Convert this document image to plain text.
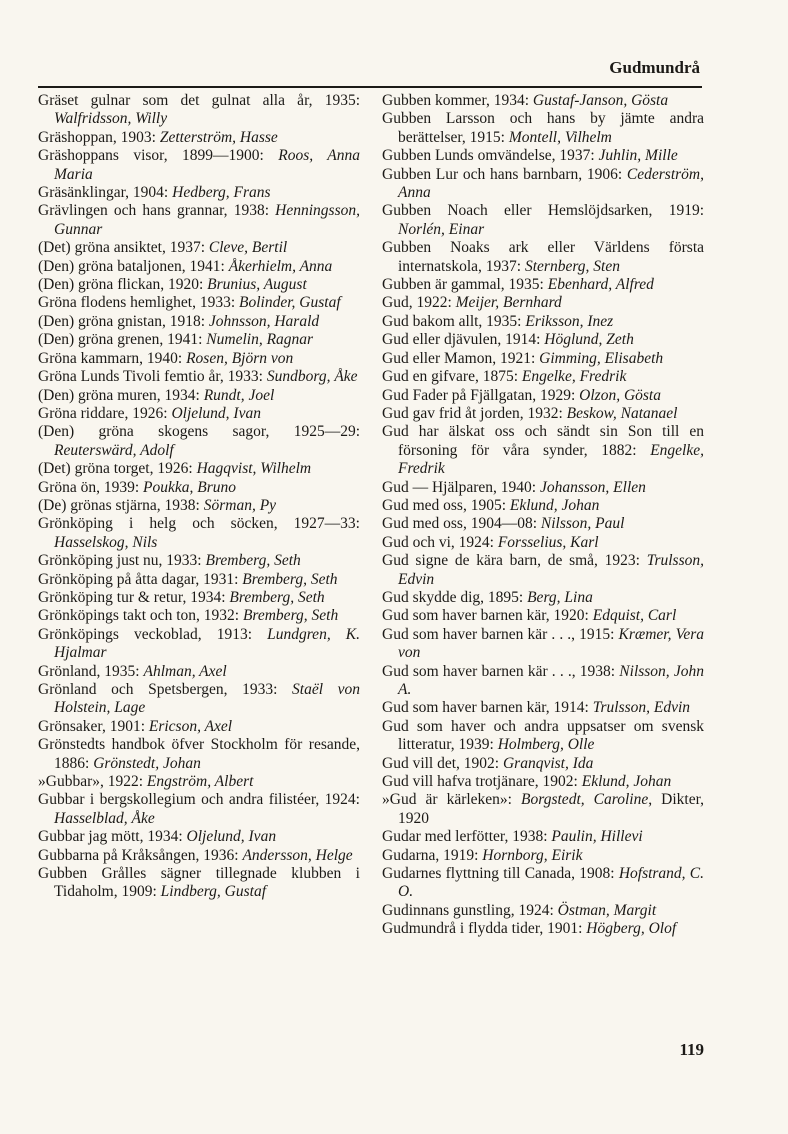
Gudmundrå
Gräset gulnar som det gulnat alla år, 1935: Walfridsson, Willy
Gräshoppan, 1903: Zetterström, Hasse
Gräshoppans visor, 1899—1900: Roos, Anna Maria
Gräsänklingar, 1904: Hedberg, Frans
Grävlingen och hans grannar, 1938: Henningsson, Gunnar
(Det) gröna ansiktet, 1937: Cleve, Bertil
(Den) gröna bataljonen, 1941: Åkerhielm, Anna
(Den) gröna flickan, 1920: Brunius, August
Gröna flodens hemlighet, 1933: Bolinder, Gustaf
(Den) gröna gnistan, 1918: Johnsson, Harald
(Den) gröna grenen, 1941: Numelin, Ragnar
Gröna kammarn, 1940: Rosen, Björn von
Gröna Lunds Tivoli femtio år, 1933: Sundborg, Åke
(Den) gröna muren, 1934: Rundt, Joel
Gröna riddare, 1926: Oljelund, Ivan
(Den) gröna skogens sagor, 1925—29: Reuterswärd, Adolf
(Det) gröna torget, 1926: Hagqvist, Wilhelm
Gröna ön, 1939: Poukka, Bruno
(De) grönas stjärna, 1938: Sörman, Py
Grönköping i helg och söcken, 1927—33: Hasselskog, Nils
Grönköping just nu, 1933: Bremberg, Seth
Grönköping på åtta dagar, 1931: Bremberg, Seth
Grönköping tur & retur, 1934: Bremberg, Seth
Grönköpings takt och ton, 1932: Bremberg, Seth
Grönköpings veckoblad, 1913: Lundgren, K. Hjalmar
Grönland, 1935: Ahlman, Axel
Grönland och Spetsbergen, 1933: Staël von Holstein, Lage
Grönsaker, 1901: Ericson, Axel
Grönstedts handbok öfver Stockholm för resande, 1886: Grönstedt, Johan
»Gubbar», 1922: Engström, Albert
Gubbar i bergskollegium och andra filistéer, 1924: Hasselblad, Åke
Gubbar jag mött, 1934: Oljelund, Ivan
Gubbarna på Kråksången, 1936: Andersson, Helge
Gubben Grålles sägner tillegnade klubben i Tidaholm, 1909: Lindberg, Gustaf
Gubben kommer, 1934: Gustaf-Janson, Gösta
Gubben Larsson och hans by jämte andra berättelser, 1915: Montell, Vilhelm
Gubben Lunds omvändelse, 1937: Juhlin, Mille
Gubben Lur och hans barnbarn, 1906: Cederström, Anna
Gubben Noach eller Hemslöjdsarken, 1919: Norlén, Einar
Gubben Noaks ark eller Världens första internatskola, 1937: Sternberg, Sten
Gubben är gammal, 1935: Ebenhard, Alfred
Gud, 1922: Meijer, Bernhard
Gud bakom allt, 1935: Eriksson, Inez
Gud eller djävulen, 1914: Höglund, Zeth
Gud eller Mamon, 1921: Gimming, Elisabeth
Gud en gifvare, 1875: Engelke, Fredrik
Gud Fader på Fjällgatan, 1929: Olzon, Gösta
Gud gav frid åt jorden, 1932: Beskow, Natanael
Gud har älskat oss och sändt sin Son till en försoning för våra synder, 1882: Engelke, Fredrik
Gud — Hjälparen, 1940: Johansson, Ellen
Gud med oss, 1905: Eklund, Johan
Gud med oss, 1904—08: Nilsson, Paul
Gud och vi, 1924: Forsselius, Karl
Gud signe de kära barn, de små, 1923: Trulsson, Edvin
Gud skydde dig, 1895: Berg, Lina
Gud som haver barnen kär, 1920: Edquist, Carl
Gud som haver barnen kär . . ., 1915: Kræmer, Vera von
Gud som haver barnen kär . . ., 1938: Nilsson, John A.
Gud som haver barnen kär, 1914: Trulsson, Edvin
Gud som haver och andra uppsatser om svensk litteratur, 1939: Holmberg, Olle
Gud vill det, 1902: Granqvist, Ida
Gud vill hafva trotjänare, 1902: Eklund, Johan
»Gud är kärleken»: Borgstedt, Caroline, Dikter, 1920
Gudar med lerfötter, 1938: Paulin, Hillevi
Gudarna, 1919: Hornborg, Eirik
Gudarnes flyttning till Canada, 1908: Hofstrand, C. O.
Gudinnans gunstling, 1924: Östman, Margit
Gudmundrå i flydda tider, 1901: Högberg, Olof
119
